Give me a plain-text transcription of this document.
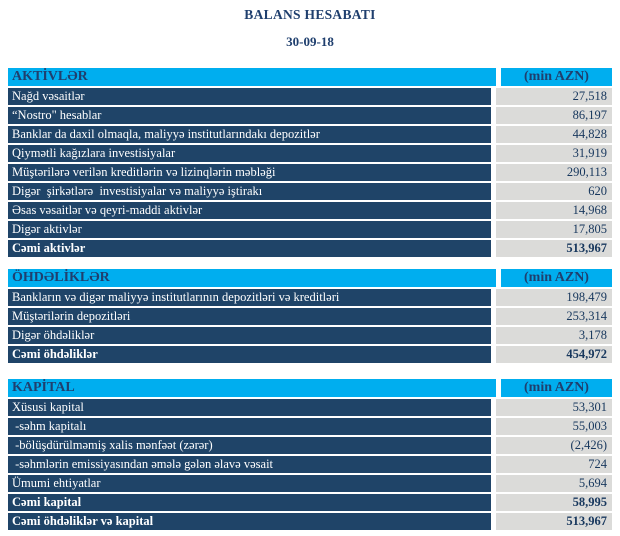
BALANS HESABATI
30-09-18
AKTİVLƏR	(min AZN)
Nağd vəsaitlər	27,518
“Nostro" hesablar	86,197
Banklar da daxil olmaqla, maliyyə institutlarındakı depozitlər	44,828
Qiymətli kağızlara investisiyalar	31,919
Müştərilərə verilən kreditlərin və lizinqlərin məbləği	290,113
Digər  şirkətlərə  investisiyalar və maliyyə iştirakı	620
Əsas vəsaitlər və qeyri-maddi aktivlər	14,968
Digər aktivlər	17,805
Cəmi aktivlər	513,967
ÖHDƏLİKLƏR	(min AZN)
Bankların və digər maliyyə institutlarının depozitləri və kreditləri	198,479
Müştərilərin depozitləri	253,314
Digər öhdəliklər	3,178
Cəmi öhdəliklər	454,972
KAPİTAL	(min AZN)
Xüsusi kapital	53,301
-səhm kapitalı	55,003
-bölüşdürülməmiş xalis mənfəət (zərər)	(2,426)
-səhmlərin emissiyasından əmələ gələn əlavə vəsait	724
Ümumi ehtiyatlar	5,694
Cəmi kapital	58,995
Cəmi öhdəliklər və kapital	513,967
